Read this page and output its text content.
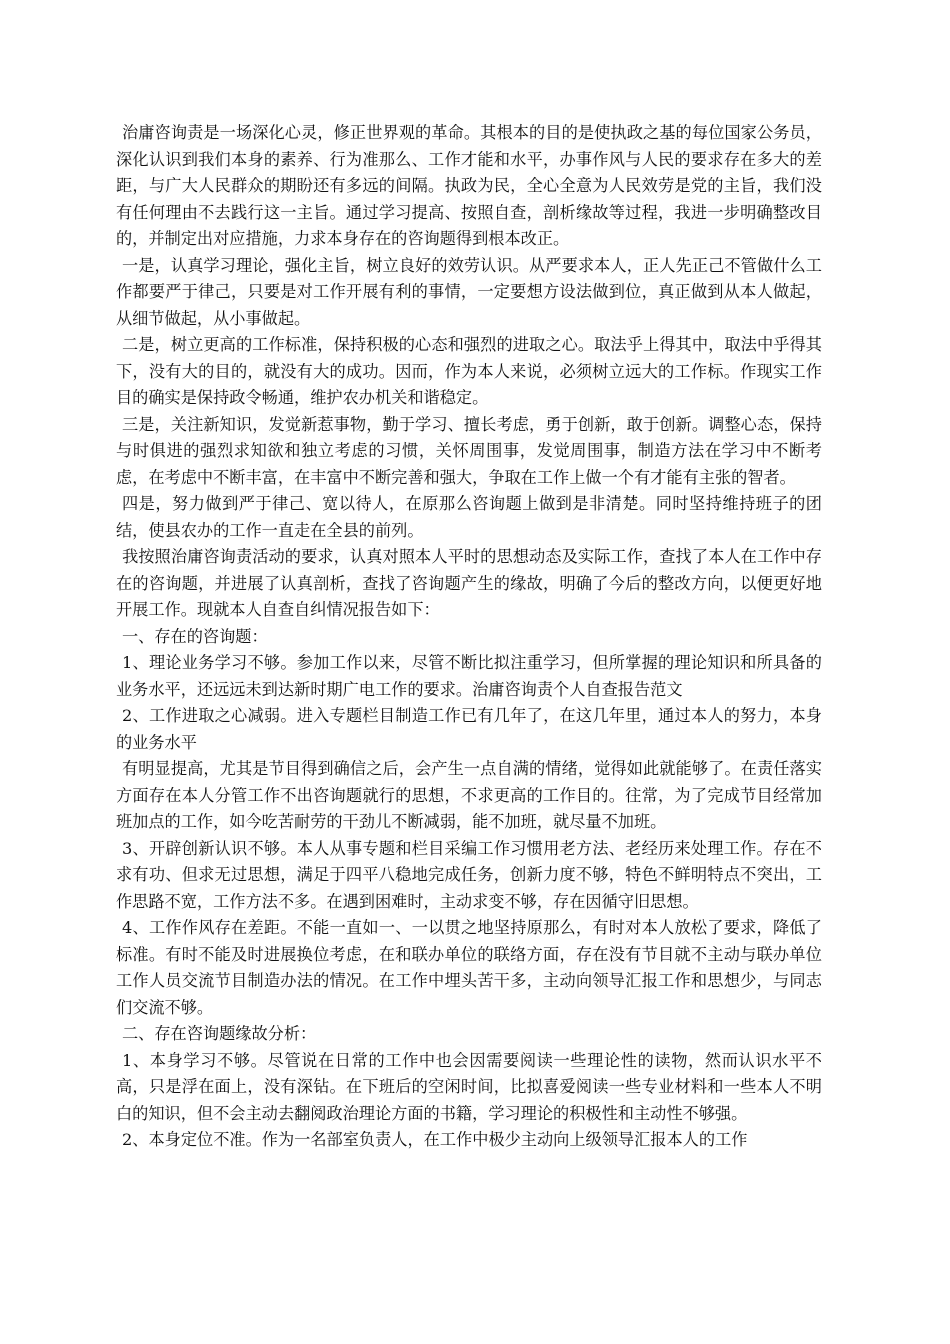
治庸咨询责是一场深化心灵，修正世界观的革命。其根本的目的是使执政之基的每位国家公务员，深化认识到我们本身的素养、行为准那么、工作才能和水平，办事作风与人民的要求存在多大的差距，与广大人民群众的期盼还有多远的间隔。执政为民，全心全意为人民效劳是党的主旨，我们没有任何理由不去践行这一主旨。通过学习提高、按照自查，剖析缘故等过程，我进一步明确整改目的，并制定出对应措施，力求本身存在的咨询题得到根本改正。

一是，认真学习理论，强化主旨，树立良好的效劳认识。从严要求本人，正人先正己不管做什么工作都要严于律己，只要是对工作开展有利的事情，一定要想方设法做到位，真正做到从本人做起，从细节做起，从小事做起。

二是，树立更高的工作标准，保持积极的心态和强烈的进取之心。取法乎上得其中，取法中乎得其下，没有大的目的，就没有大的成功。因而，作为本人来说，必须树立远大的工作标。作现实工作目的确实是保持政令畅通，维护农办机关和谐稳定。

三是，关注新知识，发觉新惹事物，勤于学习、擅长考虑，勇于创新，敢于创新。调整心态，保持与时俱进的强烈求知欲和独立考虑的习惯，关怀周围事，发觉周围事，制造方法在学习中不断考虑，在考虑中不断丰富，在丰富中不断完善和强大，争取在工作上做一个有才能有主张的智者。

四是，努力做到严于律己、宽以待人，在原那么咨询题上做到是非清楚。同时坚持维持班子的团结，使县农办的工作一直走在全县的前列。

我按照治庸咨询责活动的要求，认真对照本人平时的思想动态及实际工作，查找了本人在工作中存在的咨询题，并进展了认真剖析，查找了咨询题产生的缘故，明确了今后的整改方向，以便更好地开展工作。现就本人自查自纠情况报告如下：

一、存在的咨询题：

1、理论业务学习不够。参加工作以来，尽管不断比拟注重学习，但所掌握的理论知识和所具备的业务水平，还远远未到达新时期广电工作的要求。治庸咨询责个人自查报告范文

2、工作进取之心减弱。进入专题栏目制造工作已有几年了，在这几年里，通过本人的努力，本身的业务水平

有明显提高，尤其是节目得到确信之后，会产生一点自满的情绪，觉得如此就能够了。在责任落实方面存在本人分管工作不出咨询题就行的思想，不求更高的工作目的。往常，为了完成节目经常加班加点的工作，如今吃苦耐劳的干劲儿不断减弱，能不加班，就尽量不加班。

3、开辟创新认识不够。本人从事专题和栏目采编工作习惯用老方法、老经历来处理工作。存在不求有功、但求无过思想，满足于四平八稳地完成任务，创新力度不够，特色不鲜明特点不突出，工作思路不宽，工作方法不多。在遇到困难时，主动求变不够，存在因循守旧思想。

4、工作作风存在差距。不能一直如一、一以贯之地坚持原那么，有时对本人放松了要求，降低了标准。有时不能及时进展换位考虑，在和联办单位的联络方面，存在没有节目就不主动与联办单位工作人员交流节目制造办法的情况。在工作中埋头苦干多，主动向领导汇报工作和思想少，与同志们交流不够。

二、存在咨询题缘故分析：

1、本身学习不够。尽管说在日常的工作中也会因需要阅读一些理论性的读物，然而认识水平不高，只是浮在面上，没有深钻。在下班后的空闲时间，比拟喜爱阅读一些专业材料和一些本人不明白的知识，但不会主动去翻阅政治理论方面的书籍，学习理论的积极性和主动性不够强。

2、本身定位不准。作为一名部室负责人，在工作中极少主动向上级领导汇报本人的工作
